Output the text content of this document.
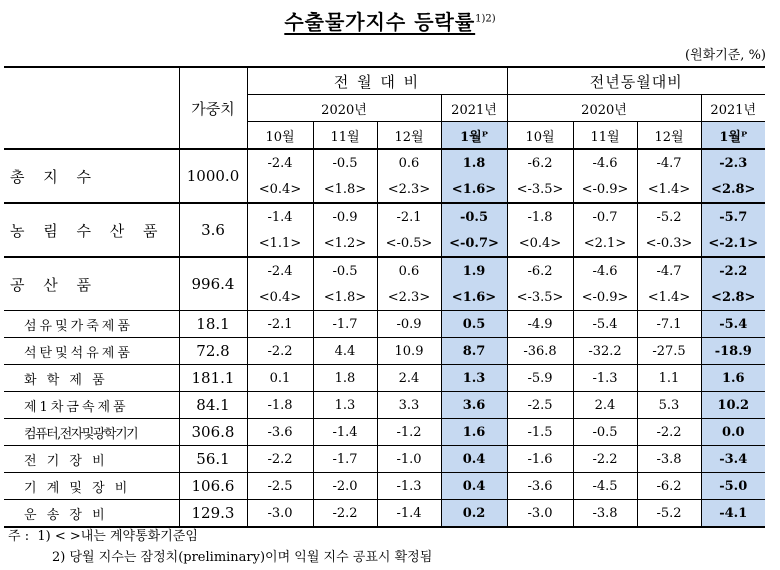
수출물가지수 등락률$^{1)2)}$
(원화기준, %)
	가중치	전 월 대 비				전년동월대비			
		2020년			2021년	2020년			2021년
		10월	11월	12월	1월ᴾ	10월	11월	12월	1월ᴾ
총 지 수	1000.0	-2.4	-0.5	0.6	1.8	-6.2	-4.6	-4.7	-2.3
		<0.4>	<1.8>	<2.3>	<1.6>	<-3.5>	<-0.9>	<1.4>	<2.8>
농 림 수 산 품	3.6	-1.4	-0.9	-2.1	-0.5	-1.8	-0.7	-5.2	-5.7
		<1.1>	<1.2>	<-0.5>	<-0.7>	<0.4>	<2.1>	<-0.3>	<-2.1>
공 산 품	996.4	-2.4	-0.5	0.6	1.9	-6.2	-4.6	-4.7	-2.2
		<0.4>	<1.8>	<2.3>	<1.6>	<-3.5>	<-0.9>	<1.4>	<2.8>
섬유및가죽제품	18.1	-2.1	-1.7	-0.9	0.5	-4.9	-5.4	-7.1	-5.4
석탄및석유제품	72.8	-2.2	4.4	10.9	8.7	-36.8	-32.2	-27.5	-18.9
화 학 제 품	181.1	0.1	1.8	2.4	1.3	-5.9	-1.3	1.1	1.6
제1차금속제품	84.1	-1.8	1.3	3.3	3.6	-2.5	2.4	5.3	10.2
컴퓨터,전자및광학기기	306.8	-3.6	-1.4	-1.2	1.6	-1.5	-0.5	-2.2	0.0
전 기 장 비	56.1	-2.2	-1.7	-1.0	0.4	-1.6	-2.2	-3.8	-3.4
기 계 및 장 비	106.6	-2.5	-2.0	-1.3	0.4	-3.6	-4.5	-6.2	-5.0
운 송 장 비	129.3	-3.0	-2.2	-1.4	0.2	-3.0	-3.8	-5.2	-4.1
주 : 1) < >내는 계약통화기준임
2) 당월 지수는 잠정치(preliminary)이며 익월 지수 공표시 확정됨
